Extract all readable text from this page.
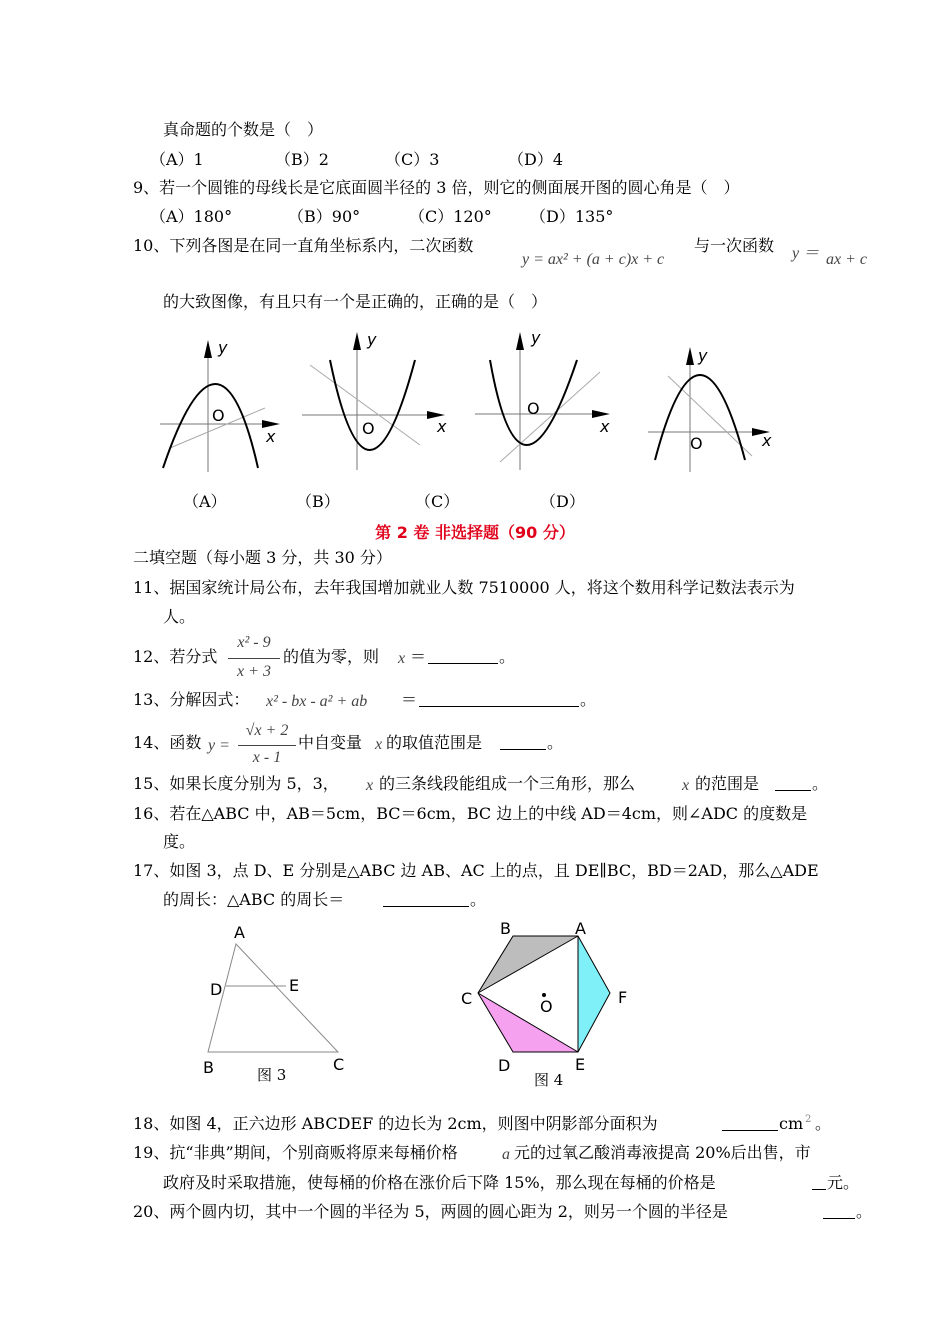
真命题的个数是（　）
（A）1	（B）2	（C）3	（D）4
9、若一个圆锥的母线长是它底面圆半径的 3 倍，则它的侧面展开图的圆心角是（　）
（A）180°	（B）90°	（C）120° （D）135°
10、下列各图是在同一直角坐标系内，二次函数
y = ax² + (a + c)x + c
与一次函数 y ＝ ax + c
的大致图像，有且只有一个是正确的，正确的是（　）
y
x
O
y
x
O
y
x
O
y
x
O
（A）	（B）	（C）	（D）
第 2 卷 非选择题（90 分）
二填空题（每小题 3 分，共 30 分）
11、据国家统计局公布，去年我国增加就业人数 7510000 人，将这个数用科学记数法表示为
人。
12、若分式
x² - 9
x + 3
的值为零，则 x ＝	。
13、分解因式： x² - bx - a² + ab ＝	。
14、函数 y =
√x + 2
x - 1
中自变量 x 的取值范围是	。
15、如果长度分别为 5，3， x 的三条线段能组成一个三角形，那么	x 的范围是	。
16、若在△ABC 中，AB＝5cm，BC＝6cm，BC 边上的中线 AD＝4cm，则∠ADC 的度数是
度。
17、如图 3，点 D、E 分别是△ABC 边 AB、AC 上的点，且 DE∥BC，BD＝2AD，那么△ADE
的周长：△ABC 的周长＝	。
A
D	E
B	C
图 3
B	A
C	O	F
D	E
图 4
18、如图 4，正六边形 ABCDEF 的边长为 2cm，则图中阴影部分面积为	cm 2 。
19、抗“非典”期间，个别商贩将原来每桶价格	a 元的过氧乙酸消毒液提高 20%后出售，市
政府及时采取措施，使每桶的价格在涨价后下降 15%，那么现在每桶的价格是	元。
20、两个圆内切，其中一个圆的半径为 5，两圆的圆心距为 2，则另一个圆的半径是	。
